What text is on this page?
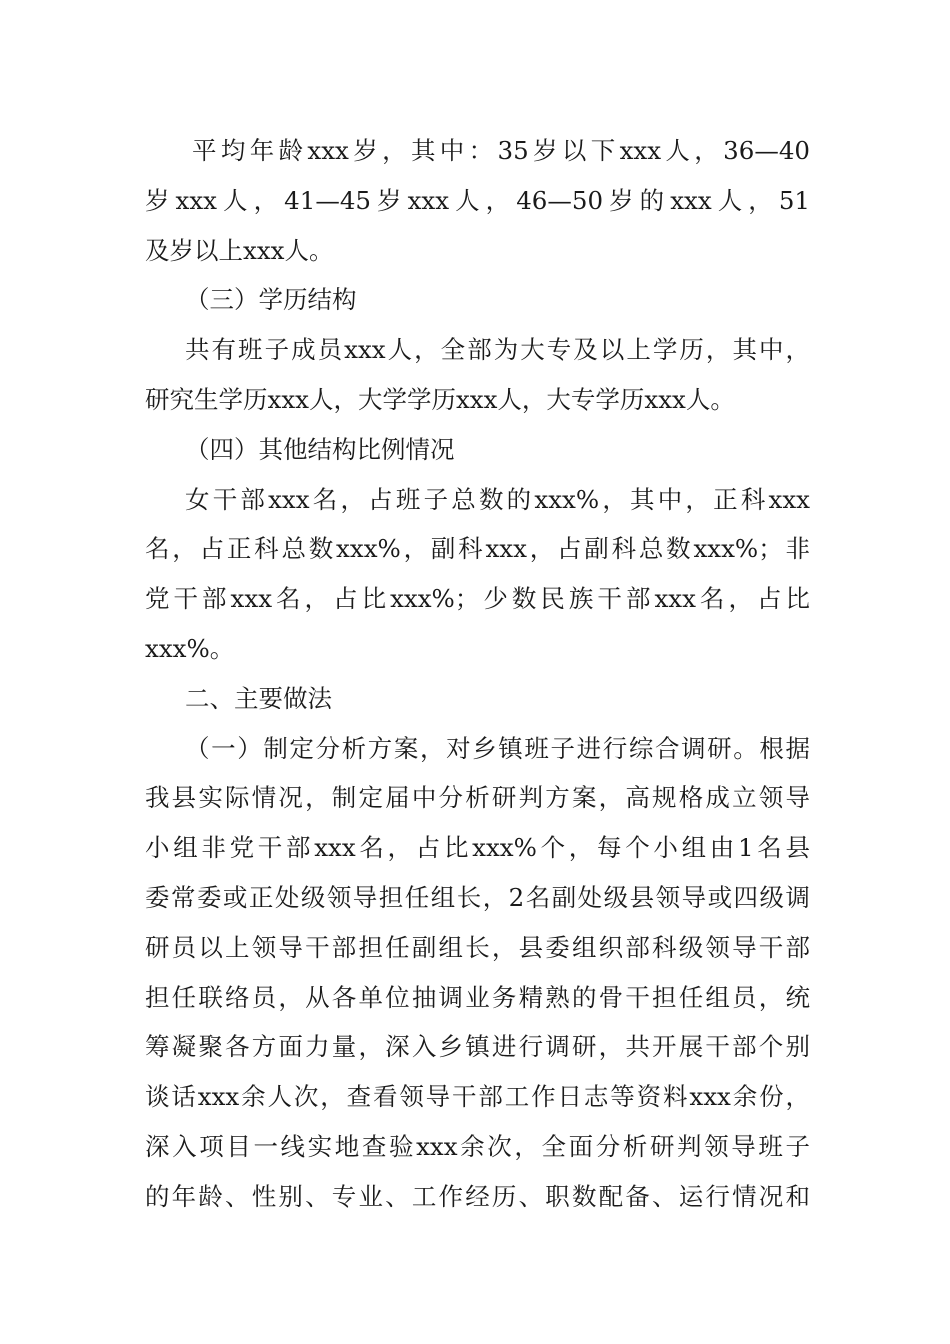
平均年龄xxx岁，其中：35岁以下xxx人，36—40
岁xxx人，41—45岁xxx人，46—50岁的xxx人，51
及岁以上xxx人。
（三）学历结构
共有班子成员xxx人，全部为大专及以上学历，其中，
研究生学历xxx人，大学学历xxx人，大专学历xxx人。
（四）其他结构比例情况
女干部xxx名，占班子总数的xxx%，其中，正科xxx
名，占正科总数xxx%，副科xxx，占副科总数xxx%；非
党干部xxx名，占比xxx%；少数民族干部xxx名，占比
xxx%。
二、主要做法
（一）制定分析方案，对乡镇班子进行综合调研。根据
我县实际情况，制定届中分析研判方案，高规格成立领导
小组非党干部xxx名，占比xxx%个，每个小组由1名县
委常委或正处级领导担任组长，2名副处级县领导或四级调
研员以上领导干部担任副组长，县委组织部科级领导干部
担任联络员，从各单位抽调业务精熟的骨干担任组员，统
筹凝聚各方面力量，深入乡镇进行调研，共开展干部个别
谈话xxx余人次，查看领导干部工作日志等资料xxx余份，
深入项目一线实地查验xxx余次，全面分析研判领导班子
的年龄、性别、专业、工作经历、职数配备、运行情况和
